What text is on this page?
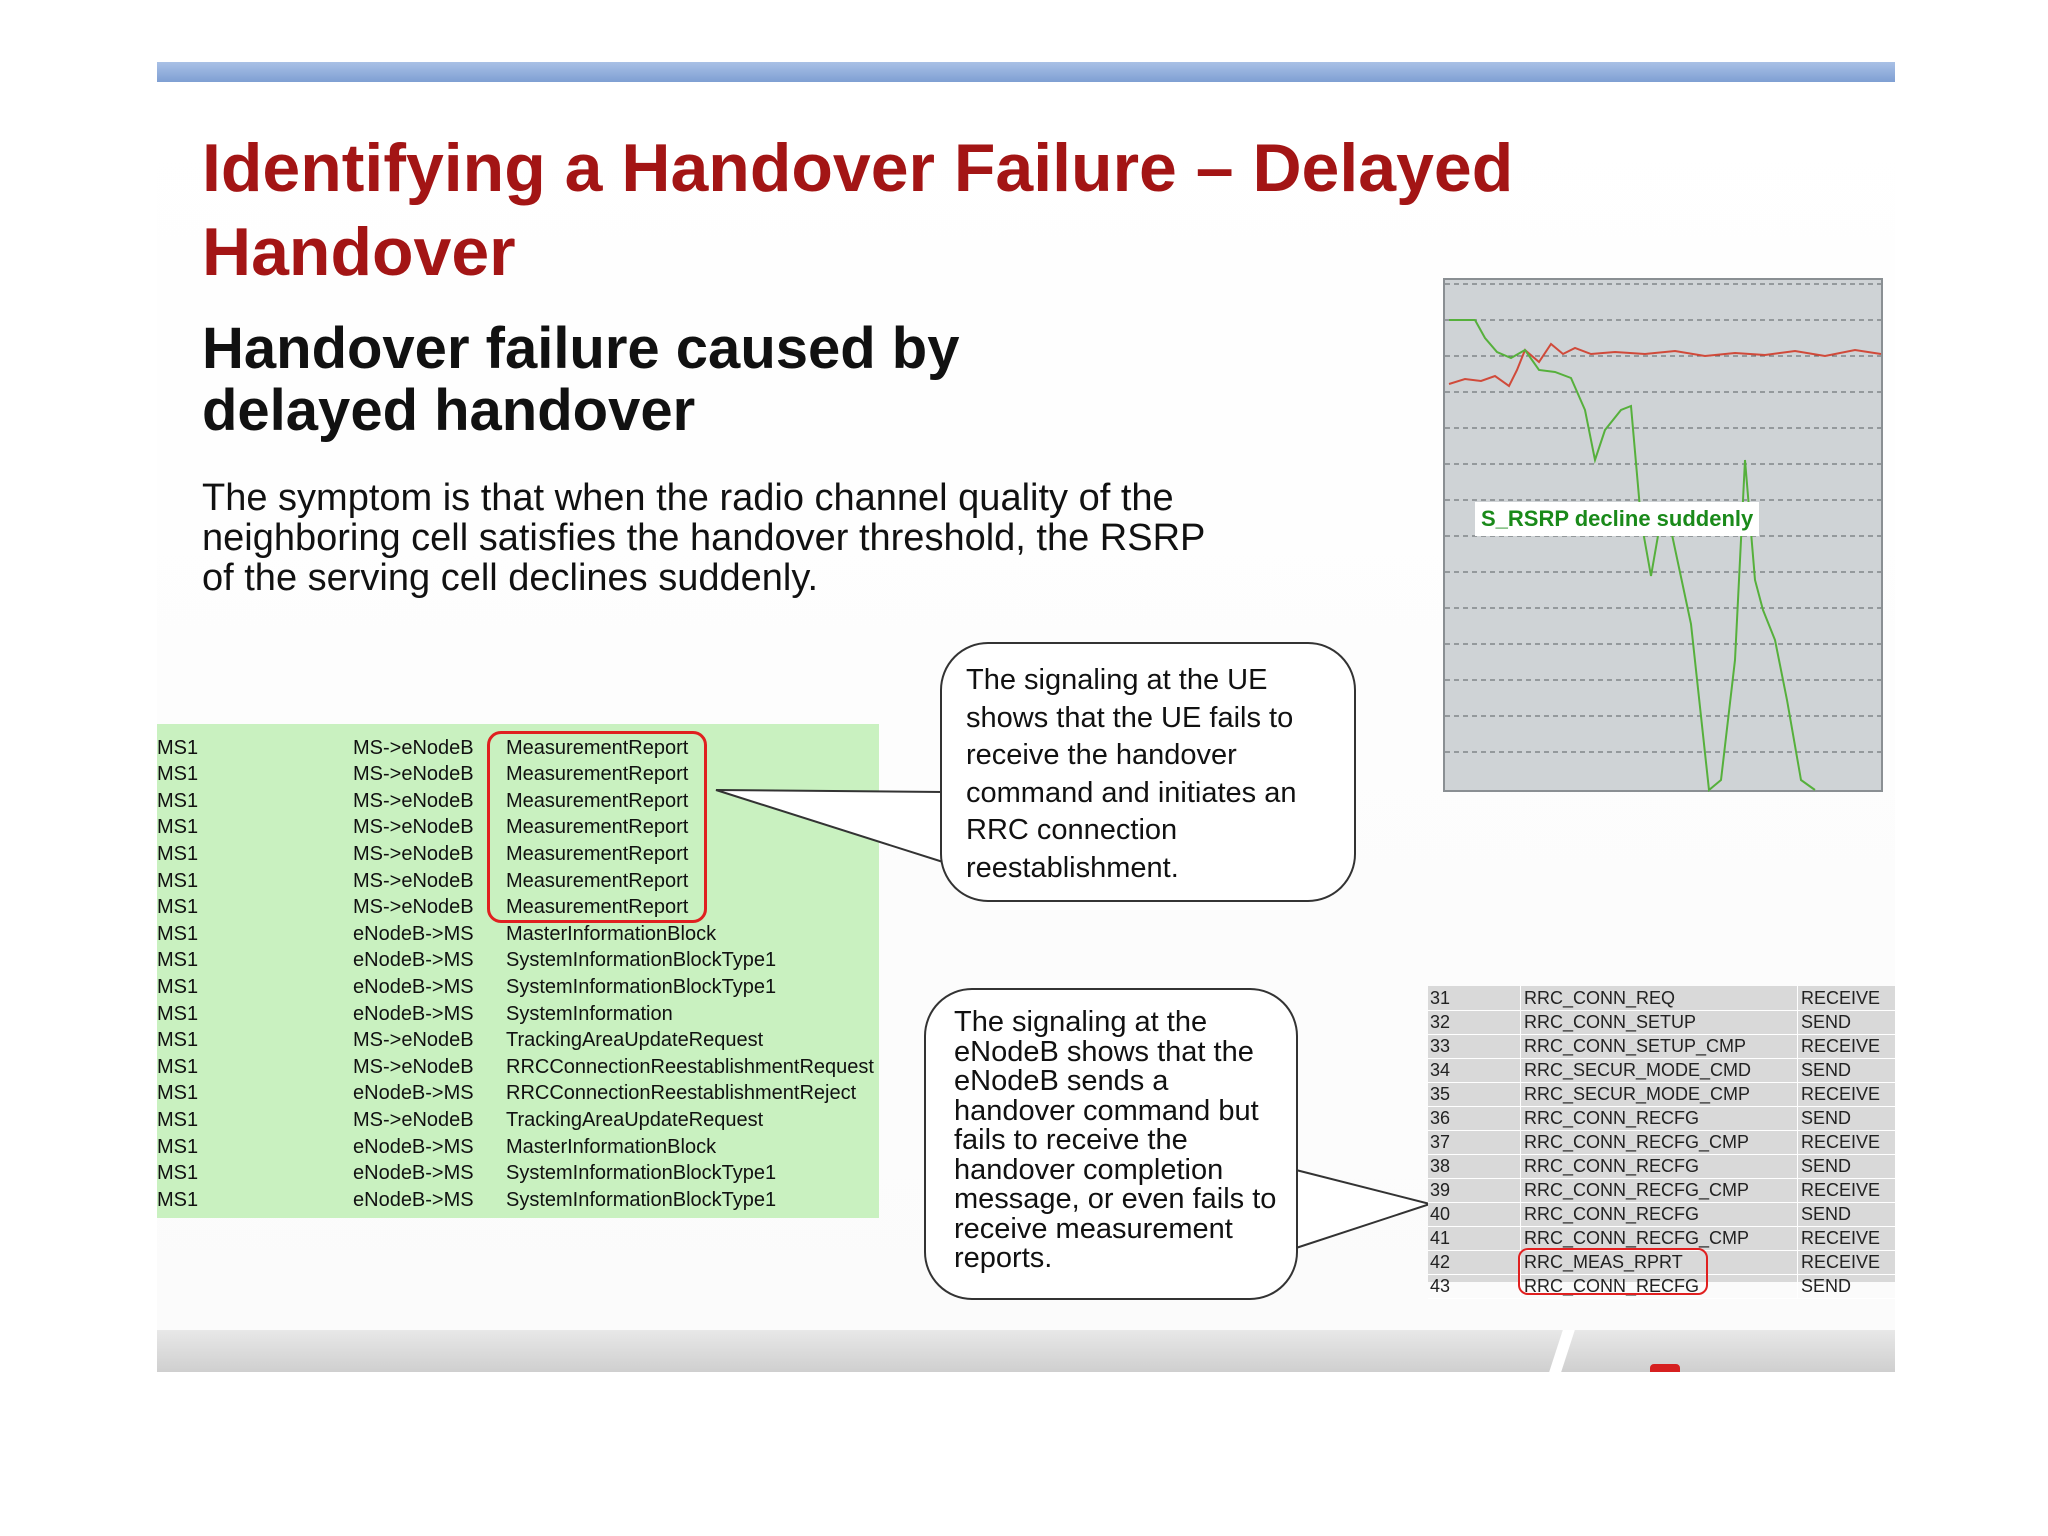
Identifying a Handover Failure – Delayed Handover
Handover failure caused by delayed handover

The symptom is that when the radio channel quality of the neighboring cell satisfies the handover threshold, the RSRP of the serving cell declines suddenly.

S_RSRP decline suddenly
MS1	MS->eNodeB MeasurementReport
MS1	MS->eNodeB MeasurementReport
MS1	MS->eNodeB MeasurementReport
MS1	MS->eNodeB MeasurementReport
MS1	MS->eNodeB MeasurementReport
MS1	MS->eNodeB MeasurementReport
MS1	MS->eNodeB MeasurementReport
MS1	eNodeB->MS MasterInformationBlock
MS1	eNodeB->MS SystemInformationBlockType1
MS1	eNodeB->MS SystemInformationBlockType1
MS1	eNodeB->MS SystemInformation
MS1	MS->eNodeB TrackingAreaUpdateRequest
MS1	MS->eNodeB RRCConnectionReestablishmentRequest
MS1	eNodeB->MS RRCConnectionReestablishmentReject
MS1	MS->eNodeB TrackingAreaUpdateRequest
MS1	eNodeB->MS MasterInformationBlock
MS1	eNodeB->MS SystemInformationBlockType1
MS1	eNodeB->MS SystemInformationBlockType1
The signaling at the UE shows that the UE fails to receive the handover command and initiates an RRC connection reestablishment.
The signaling at the eNodeB shows that the eNodeB sends a handover command but fails to receive the handover completion message, or even fails to receive measurement reports.
31	RRC_CONN_REQ	RECEIVE
32	RRC_CONN_SETUP	SEND
33	RRC_CONN_SETUP_CMP	RECEIVE
34	RRC_SECUR_MODE_CMD	SEND
35	RRC_SECUR_MODE_CMP	RECEIVE
36	RRC_CONN_RECFG	SEND
37	RRC_CONN_RECFG_CMP	RECEIVE
38	RRC_CONN_RECFG	SEND
39	RRC_CONN_RECFG_CMP	RECEIVE
40	RRC_CONN_RECFG	SEND
41	RRC_CONN_RECFG_CMP	RECEIVE
42	RRC_MEAS_RPRT	RECEIVE
43	RRC_CONN_RECFG	SEND
